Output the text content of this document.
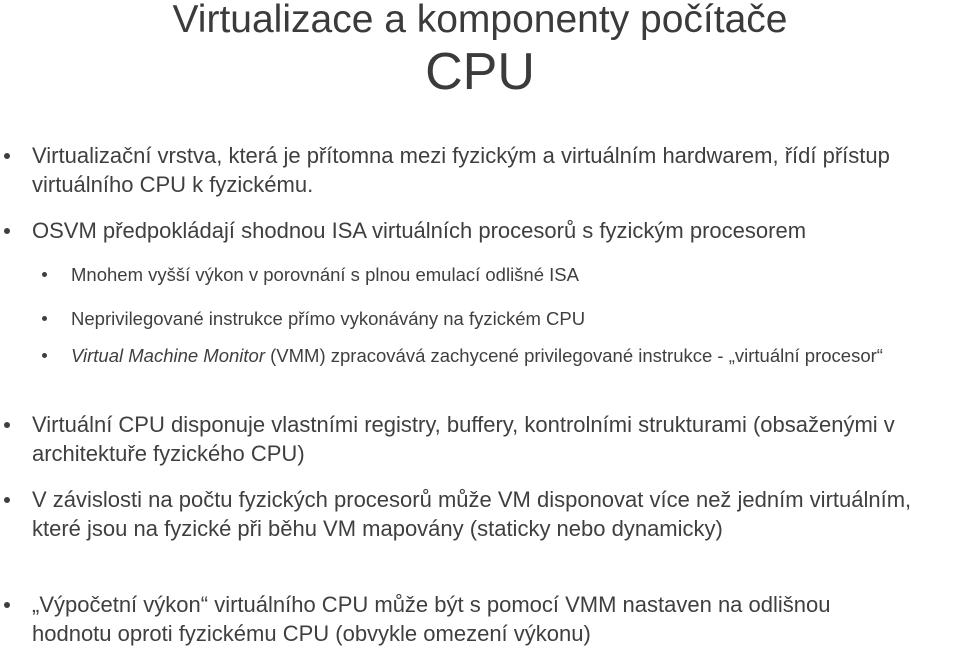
Virtualizace a komponenty počítače
CPU

Virtualizační vrstva, která je přítomna mezi fyzickým a virtuálním hardwarem, řídí přístup virtuálního CPU k fyzickému.

OSVM předpokládají shodnou ISA virtuálních procesorů s fyzickým procesorem

Mnohem vyšší výkon v porovnání s plnou emulací odlišné ISA

Neprivilegované instrukce přímo vykonávány na fyzickém CPU

Virtual Machine Monitor (VMM) zpracovává zachycené privilegované instrukce - „virtuální procesor“

Virtuální CPU disponuje vlastními registry, buffery, kontrolními strukturami (obsaženými v architektuře fyzického CPU)

V závislosti na počtu fyzických procesorů může VM disponovat více než jedním virtuálním, které jsou na fyzické při běhu VM mapovány (staticky nebo dynamicky)

„Výpočetní výkon“ virtuálního CPU může být s pomocí VMM nastaven na odlišnou hodnotu oproti fyzickému CPU (obvykle omezení výkonu)
